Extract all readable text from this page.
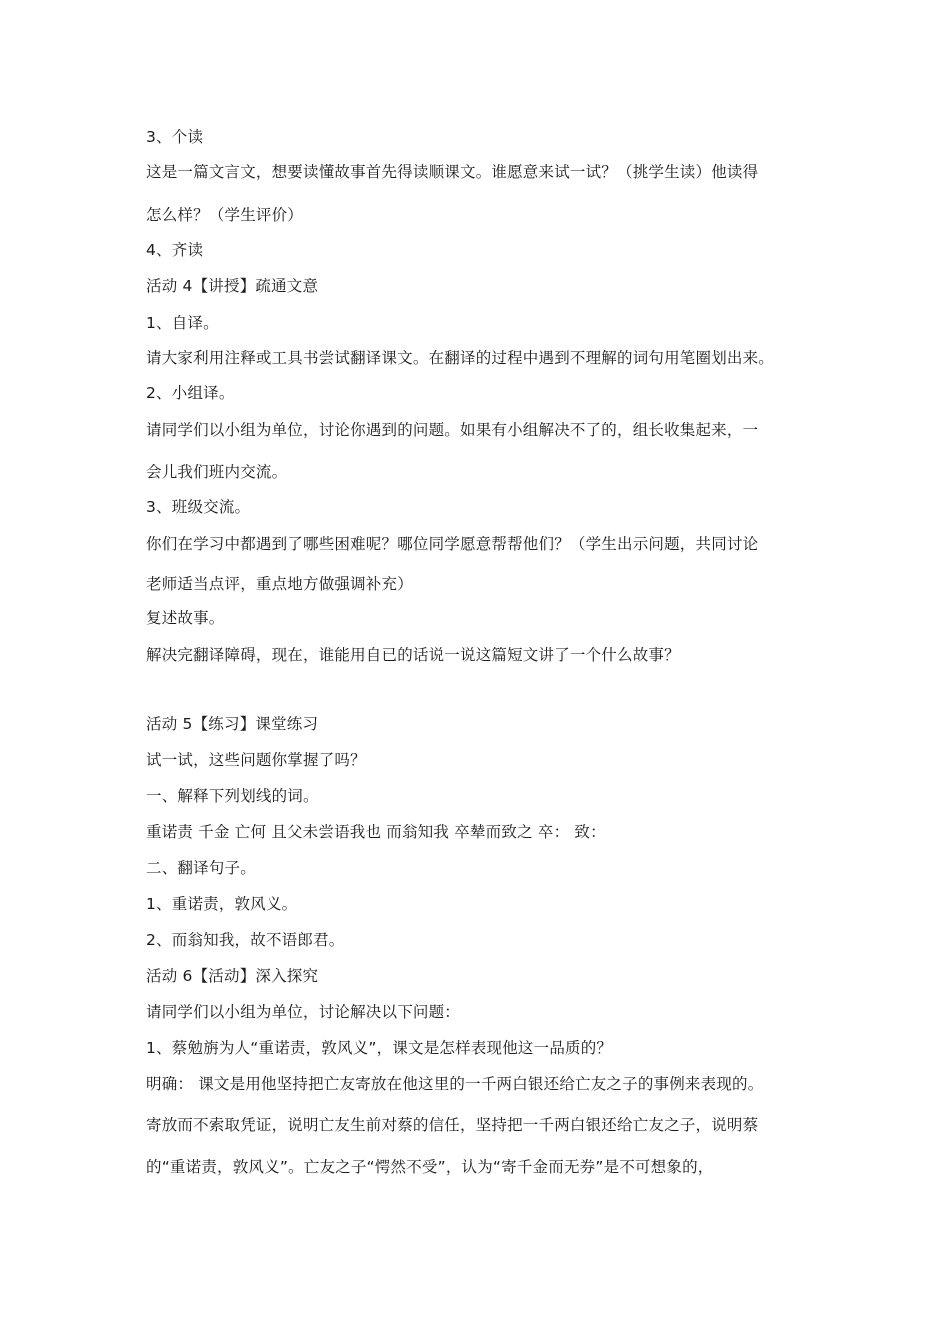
3、个读
这是一篇文言文，想要读懂故事首先得读顺课文。谁愿意来试一试？（挑学生读）他读得
怎么样？（学生评价）
4、齐读
活动 4【讲授】疏通文意
1、自译。
请大家利用注释或工具书尝试翻译课文。在翻译的过程中遇到不理解的词句用笔圈划出来。
2、小组译。
请同学们以小组为单位，讨论你遇到的问题。如果有小组解决不了的，组长收集起来，一
会儿我们班内交流。
3、班级交流。
你们在学习中都遇到了哪些困难呢？哪位同学愿意帮帮他们？（学生出示问题，共同讨论
老师适当点评，重点地方做强调补充）
复述故事。
解决完翻译障碍，现在，谁能用自已的话说一说这篇短文讲了一个什么故事？
活动 5【练习】课堂练习
试一试，这些问题你掌握了吗？
一、解释下列划线的词。
重诺责 千金 亡何 且父未尝语我也 而翁知我 卒辇而致之 卒： 致：
二、翻译句子。
1、重诺责，敦风义。
2、而翁知我，故不语郎君。
活动 6【活动】深入探究
请同学们以小组为单位，讨论解决以下问题：
1、蔡勉旃为人“重诺责，敦风义”，课文是怎样表现他这一品质的？
明确： 课文是用他坚持把亡友寄放在他这里的一千两白银还给亡友之子的事例来表现的。
寄放而不索取凭证，说明亡友生前对蔡的信任，坚持把一千两白银还给亡友之子，说明蔡
的“重诺责，敦风义”。亡友之子“愕然不受”，认为“寄千金而无券”是不可想象的，
